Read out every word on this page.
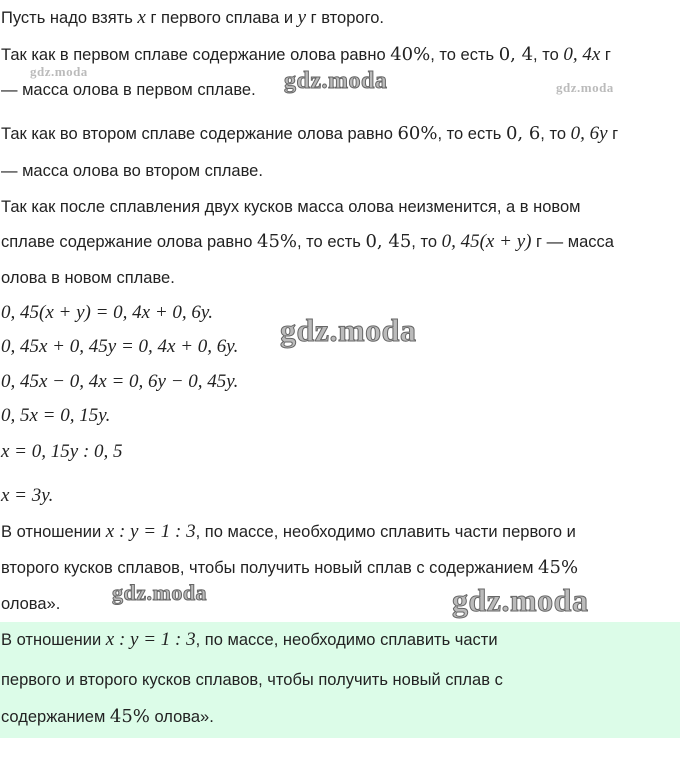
Пусть надо взять x г первого сплава и y г второго.
Так как в первом сплаве содержание олова равно 40%, то есть 0, 4, то 0, 4x г
— масса олова в первом сплаве.
Так как во втором сплаве содержание олова равно 60%, то есть 0, 6, то 0, 6y г
— масса олова во втором сплаве.
Так как после сплавления двух кусков масса олова неизменится, а в новом
сплаве содержание олова равно 45%, то есть 0, 45, то 0, 45(x + y) г — масса
олова в новом сплаве.
0, 45(x + y) = 0, 4x + 0, 6y.
0, 45x + 0, 45y = 0, 4x + 0, 6y.
0, 45x − 0, 4x = 0, 6y − 0, 45y.
0, 5x = 0, 15y.
x = 0, 15y : 0, 5
x = 3y.
В отношении x : y = 1 : 3, по массе, необходимо сплавить части первого и
второго кусков сплавов, чтобы получить новый сплав с содержанием 45%
олова».
В отношении x : y = 1 : 3, по массе, необходимо сплавить части
первого и второго кусков сплавов, чтобы получить новый сплав с
содержанием 45% олова».
gdz.moda	gdz.moda	gdz.moda
gdz.moda
gdz.moda	gdz.moda
